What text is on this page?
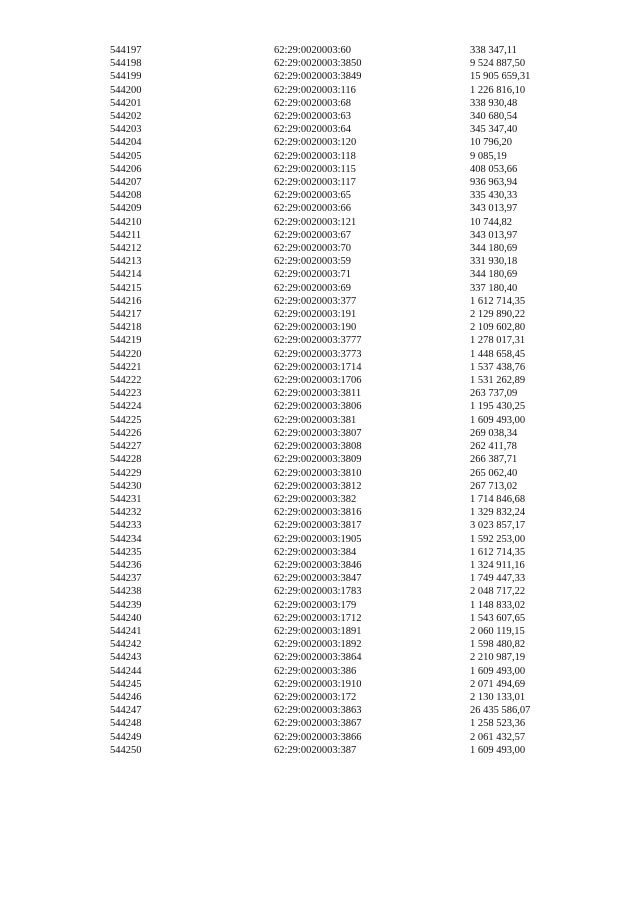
544197	62:29:0020003:60	338 347,11
544198	62:29:0020003:3850	9 524 887,50
544199	62:29:0020003:3849	15 905 659,31
544200	62:29:0020003:116	1 226 816,10
544201	62:29:0020003:68	338 930,48
544202	62:29:0020003:63	340 680,54
544203	62:29:0020003:64	345 347,40
544204	62:29:0020003:120	10 796,20
544205	62:29:0020003:118	9 085,19
544206	62:29:0020003:115	408 053,66
544207	62:29:0020003:117	936 963,94
544208	62:29:0020003:65	335 430,33
544209	62:29:0020003:66	343 013,97
544210	62:29:0020003:121	10 744,82
544211	62:29:0020003:67	343 013,97
544212	62:29:0020003:70	344 180,69
544213	62:29:0020003:59	331 930,18
544214	62:29:0020003:71	344 180,69
544215	62:29:0020003:69	337 180,40
544216	62:29:0020003:377	1 612 714,35
544217	62:29:0020003:191	2 129 890,22
544218	62:29:0020003:190	2 109 602,80
544219	62:29:0020003:3777	1 278 017,31
544220	62:29:0020003:3773	1 448 658,45
544221	62:29:0020003:1714	1 537 438,76
544222	62:29:0020003:1706	1 531 262,89
544223	62:29:0020003:3811	263 737,09
544224	62:29:0020003:3806	1 195 430,25
544225	62:29:0020003:381	1 609 493,00
544226	62:29:0020003:3807	269 038,34
544227	62:29:0020003:3808	262 411,78
544228	62:29:0020003:3809	266 387,71
544229	62:29:0020003:3810	265 062,40
544230	62:29:0020003:3812	267 713,02
544231	62:29:0020003:382	1 714 846,68
544232	62:29:0020003:3816	1 329 832,24
544233	62:29:0020003:3817	3 023 857,17
544234	62:29:0020003:1905	1 592 253,00
544235	62:29:0020003:384	1 612 714,35
544236	62:29:0020003:3846	1 324 911,16
544237	62:29:0020003:3847	1 749 447,33
544238	62:29:0020003:1783	2 048 717,22
544239	62:29:0020003:179	1 148 833,02
544240	62:29:0020003:1712	1 543 607,65
544241	62:29:0020003:1891	2 060 119,15
544242	62:29:0020003:1892	1 598 480,82
544243	62:29:0020003:3864	2 210 987,19
544244	62:29:0020003:386	1 609 493,00
544245	62:29:0020003:1910	2 071 494,69
544246	62:29:0020003:172	2 130 133,01
544247	62:29:0020003:3863	26 435 586,07
544248	62:29:0020003:3867	1 258 523,36
544249	62:29:0020003:3866	2 061 432,57
544250	62:29:0020003:387	1 609 493,00
